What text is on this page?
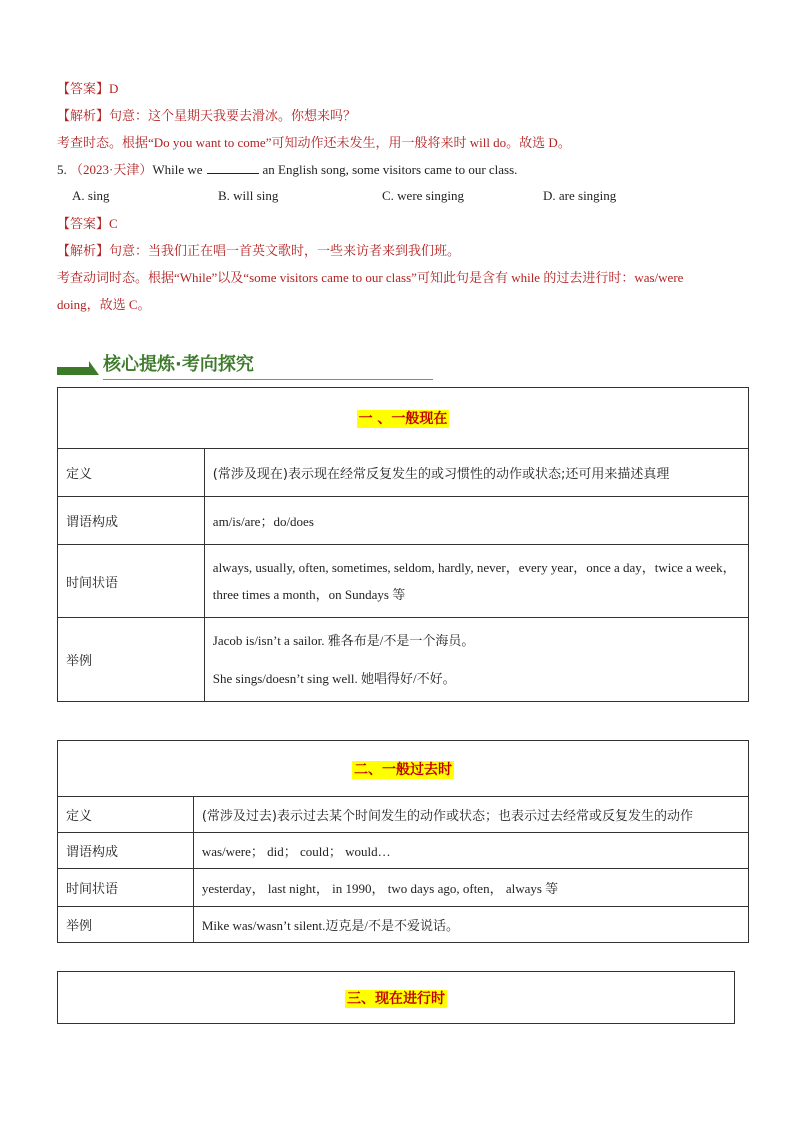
【答案】D
【解析】句意：这个星期天我要去滑冰。你想来吗？
考查时态。根据“Do you want to come”可知动作还未发生，用一般将来时 will do。故选 D。
5. （2023·天津）While we	an English song, some visitors came to our class.
A. sing	B. will sing	C. were singing	D. are singing
【答案】C
【解析】句意：当我们正在唱一首英文歌时，一些来访者来到我们班。
考查动词时态。根据“While”以及“some visitors came to our class”可知此句是含有 while 的过去进行时：was/were
doing，故选 C。
核心提炼·考向探究
一 、一般现在	
定义	(常涉及现在)表示现在经常反复发生的或习惯性的动作或状态;还可用来描述真理
谓语构成	am/is/are；do/does
时间状语	always, usually, often, sometimes, seldom, hardly, never，every year，once a day，twice a week，three times a month，on Sundays 等
举例	Jacob is/isn’t a sailor. 雅各布是/不是一个海员。
She sings/doesn’t sing well. 她唱得好/不好。
二、一般过去时	
定义	(常涉及过去)表示过去某个时间发生的动作或状态；也表示过去经常或反复发生的动作
谓语构成	was/were； did； could； would…
时间状语	yesterday， last night， in 1990， two days ago, often， always 等
举例	Mike was/wasn’t silent.迈克是/不是不爱说话。
三、现在进行时
